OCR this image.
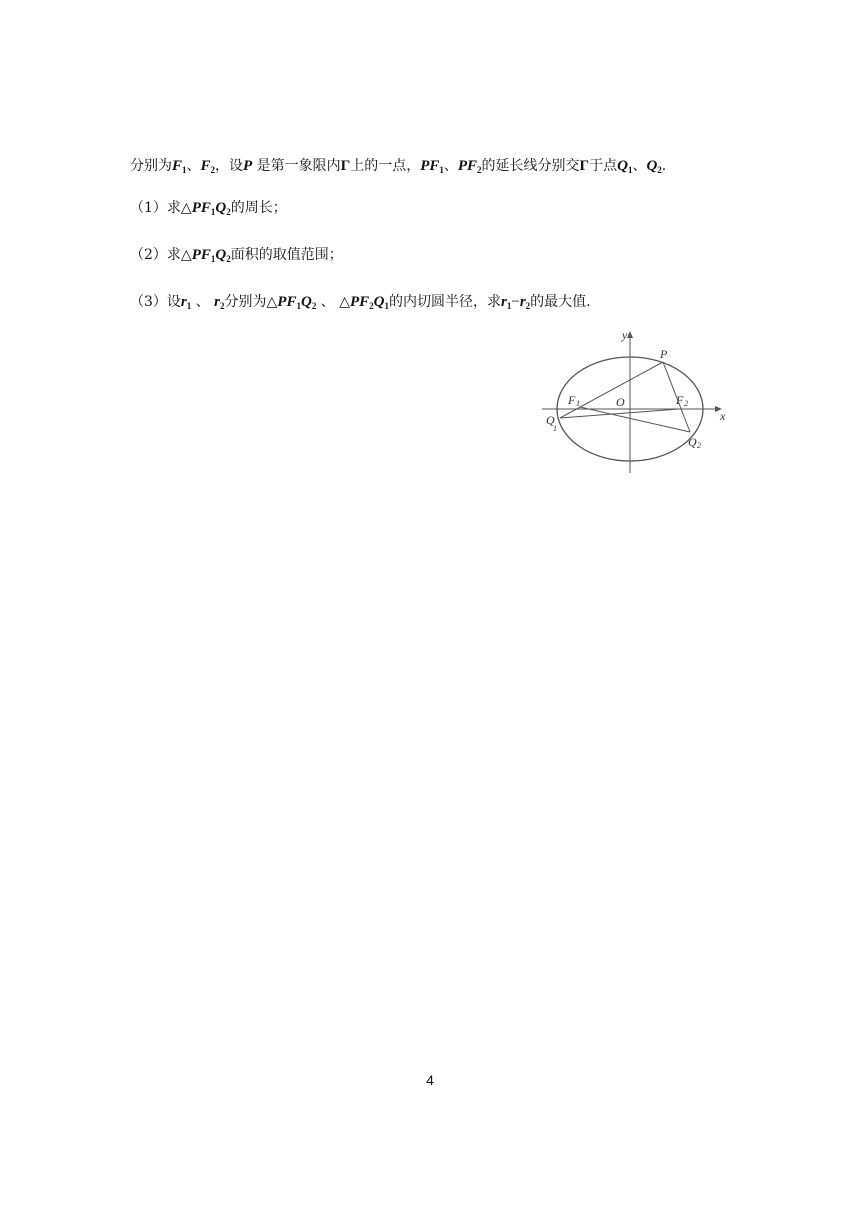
分别为$F_1$、$F_2$，设P 是第一象限内Γ上的一点，$PF_1$、$PF_2$的延长线分别交Γ于点$Q_1$、$Q_2$.
（1）求$\triangle PF_1Q_2$的周长；
（2）求$\triangle PF_1Q_2$面积的取值范围；
（3）设$r_1$ 、 $r_2$分别为$\triangle PF_1Q_2$ 、 $\triangle PF_2Q_1$的内切圆半径，求$r_1-r_2$的最大值.
y
x
O
P
F 1	F 2
Q
1
Q 2
4
